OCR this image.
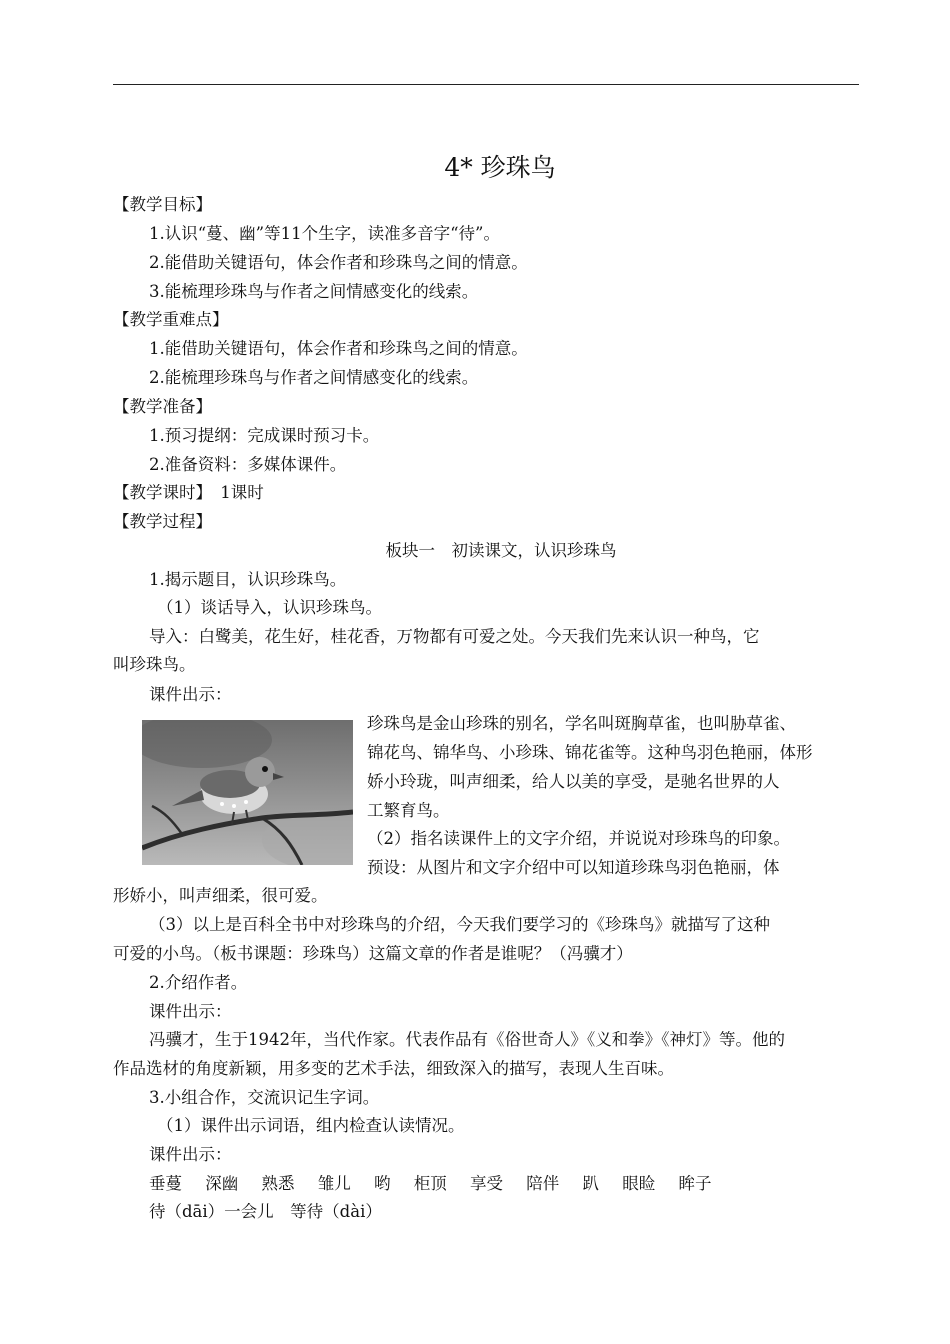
4* 珍珠鸟
【教学目标】
1.认识“蔓、幽”等11个生字，读准多音字“待”。
2.能借助关键语句，体会作者和珍珠鸟之间的情意。
3.能梳理珍珠鸟与作者之间情感变化的线索。
【教学重难点】
1.能借助关键语句，体会作者和珍珠鸟之间的情意。
2.能梳理珍珠鸟与作者之间情感变化的线索。
【教学准备】
1.预习提纲：完成课时预习卡。
2.准备资料：多媒体课件。
【教学课时】　1课时
【教学过程】
板块一　初读课文，认识珍珠鸟
1.揭示题目，认识珍珠鸟。
（1）谈话导入，认识珍珠鸟。
导入：白鹭美，花生好，桂花香，万物都有可爱之处。今天我们先来认识一种鸟，它
叫珍珠鸟。
课件出示：
珍珠鸟是金山珍珠的别名，学名叫斑胸草雀，也叫胁草雀、
锦花鸟、锦华鸟、小珍珠、锦花雀等。这种鸟羽色艳丽，体形
娇小玲珑，叫声细柔，给人以美的享受，是驰名世界的人
工繁育鸟。
（2）指名读课件上的文字介绍，并说说对珍珠鸟的印象。
预设：从图片和文字介绍中可以知道珍珠鸟羽色艳丽，体
形娇小，叫声细柔，很可爱。
（3）以上是百科全书中对珍珠鸟的介绍，今天我们要学习的《珍珠鸟》就描写了这种
可爱的小鸟。（板书课题：珍珠鸟）这篇文章的作者是谁呢？（冯骥才）
2.介绍作者。
课件出示：
冯骥才，生于1942年，当代作家。代表作品有《俗世奇人》《义和拳》《神灯》等。他的
作品选材的角度新颖，用多变的艺术手法，细致深入的描写，表现人生百味。
3.小组合作，交流识记生字词。
（1）课件出示词语，组内检查认读情况。
课件出示：
垂蔓 深幽 熟悉 雏儿 哟 柜顶 享受 陪伴 趴 眼睑 眸子
待（dāi）一会儿　等待（dài）
